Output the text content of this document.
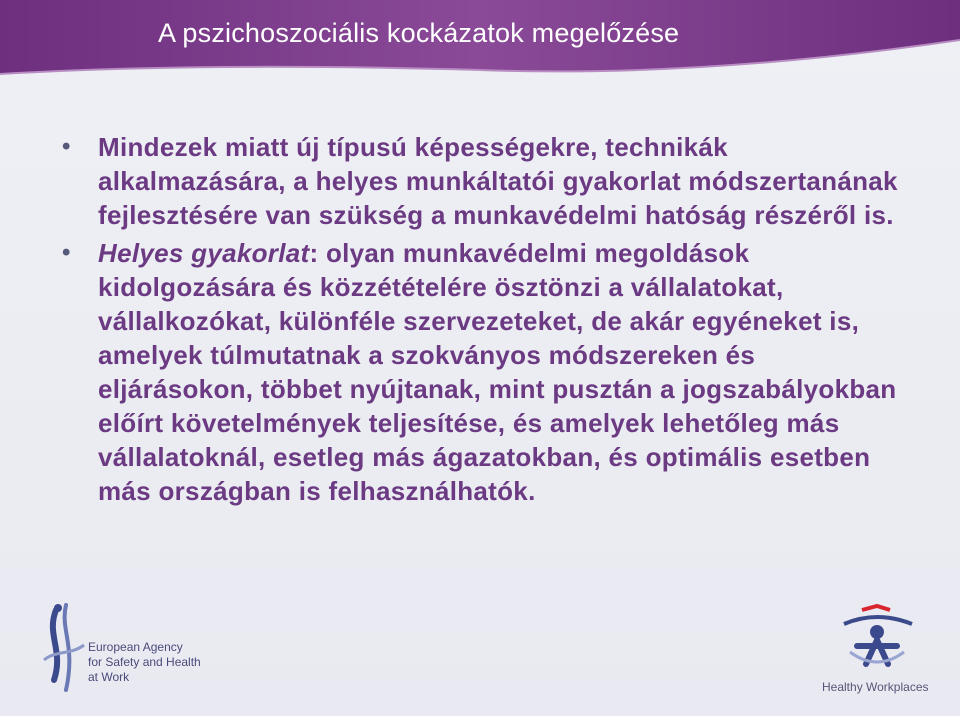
A pszichoszociális kockázatok megelőzése

• Mindezek miatt új típusú képességekre, technikák alkalmazására, a helyes munkáltatói gyakorlat módszertanának fejlesztésére van szükség a munkavédelmi hatóság részéről is.

• Helyes gyakorlat: olyan munkavédelmi megoldások kidolgozására és közzétételére ösztönzi a vállalatokat, vállalkozókat, különféle szervezeteket, de akár egyéneket is, amelyek túlmutatnak a szokványos módszereken és eljárásokon, többet nyújtanak, mint pusztán a jogszabályokban előírt követelmények teljesítése, és amelyek lehetőleg más vállalatoknál, esetleg más ágazatokban, és optimális esetben más országban is felhasználhatók.

European Agency
for Safety and Health
at Work
Healthy Workplaces
